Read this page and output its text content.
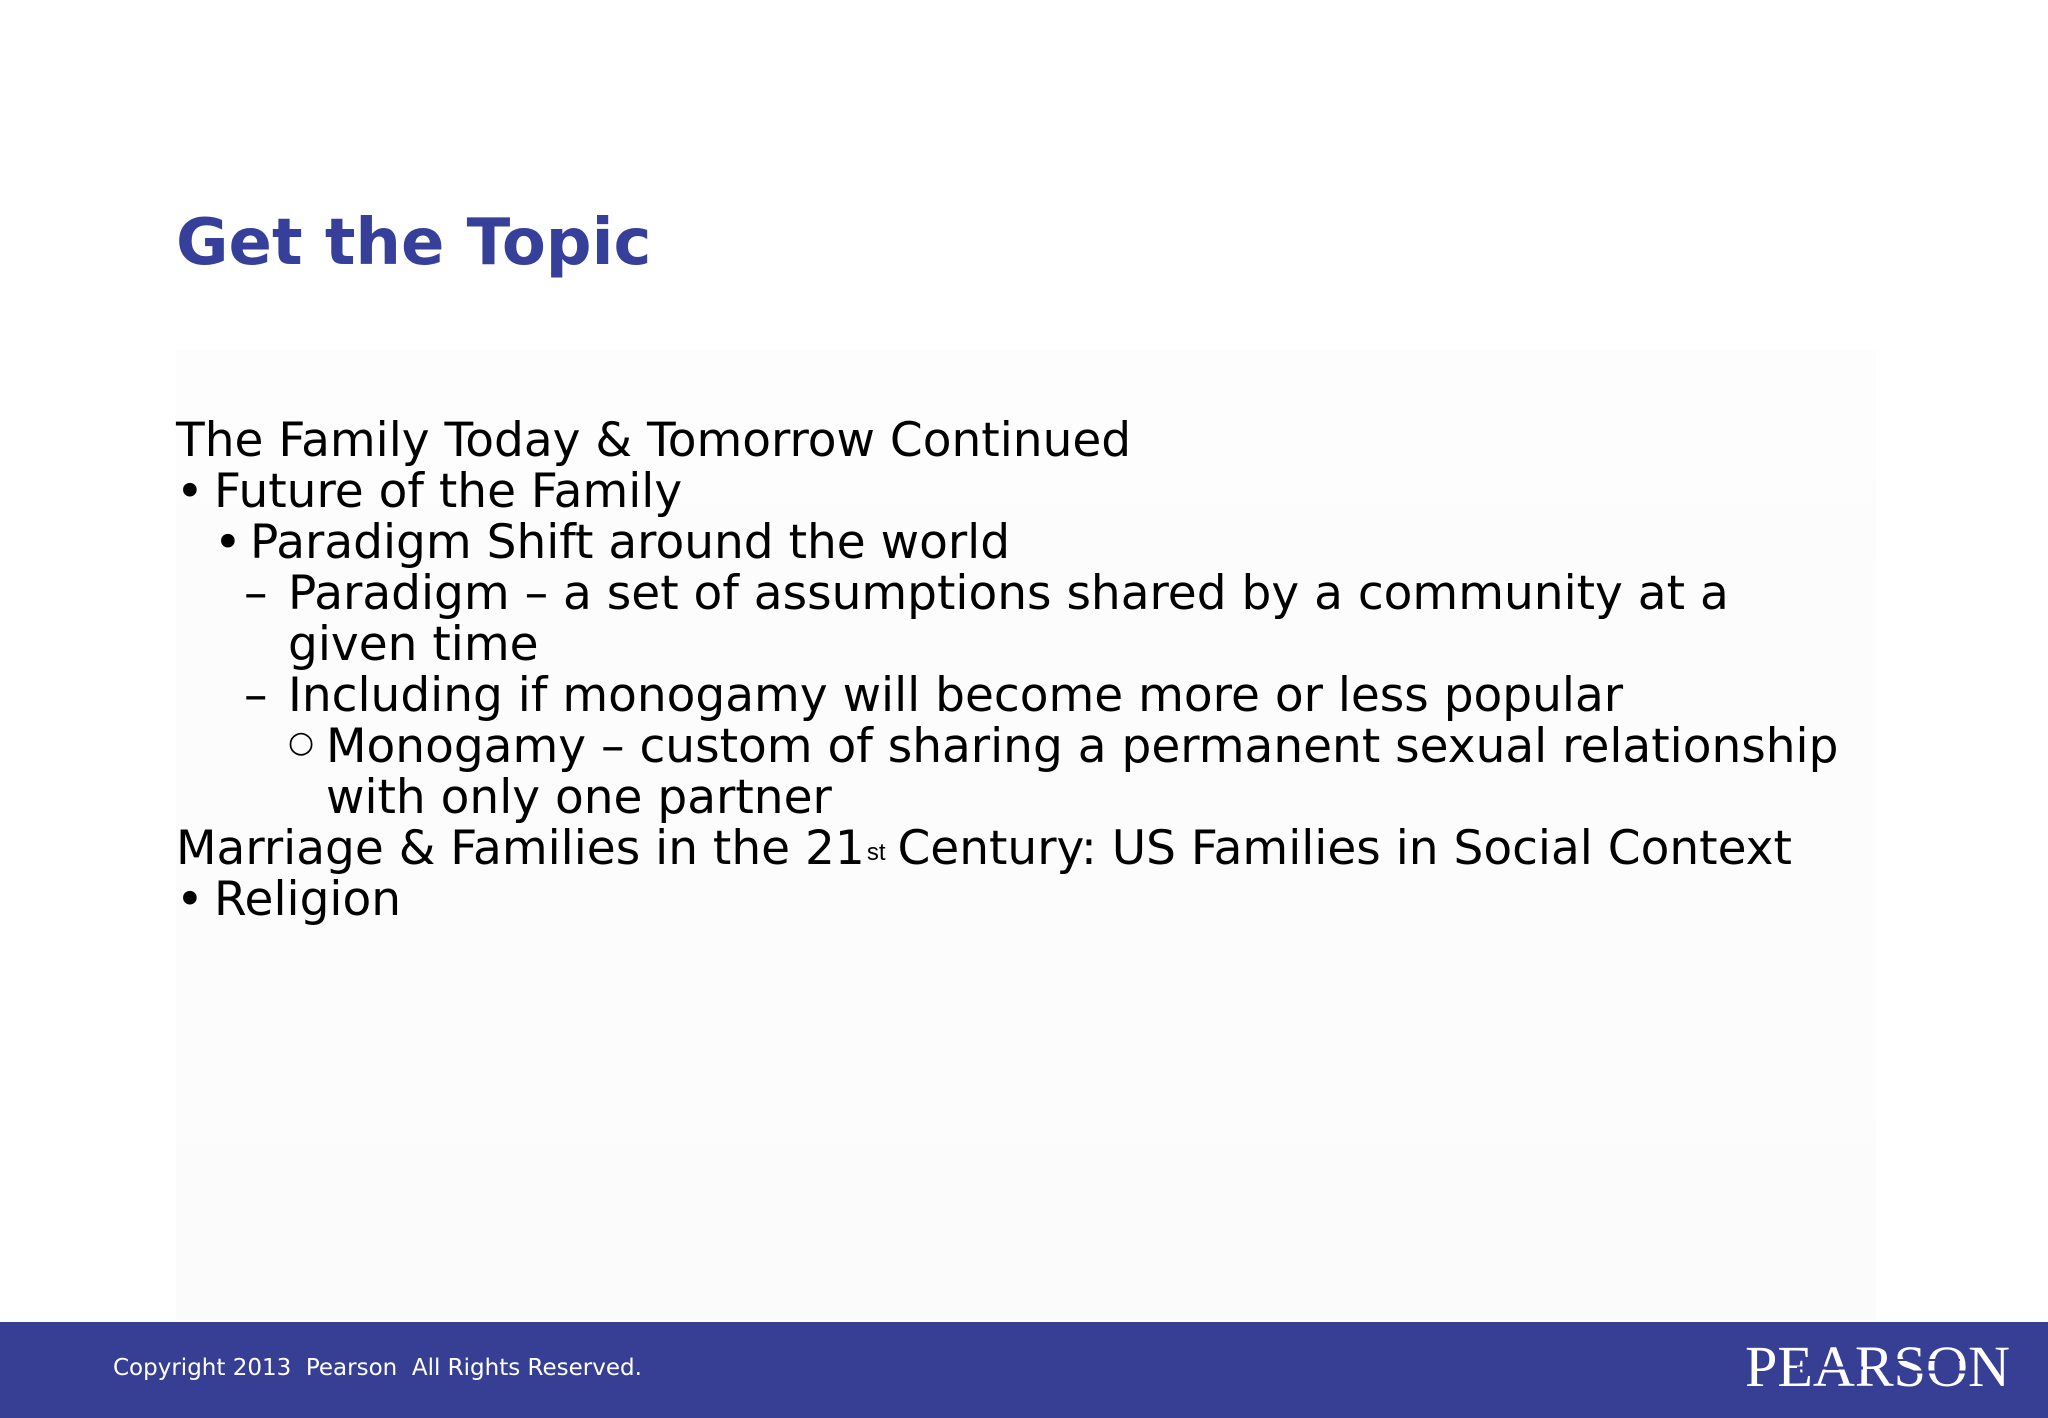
Get the Topic
The Family Today & Tomorrow Continued
• Future of the Family
• Paradigm Shift around the world
– Paradigm – a set of assumptions shared by a community at a
given time
– Including if monogamy will become more or less popular
○ Monogamy – custom of sharing a permanent sexual relationship
with only one partner
Marriage & Families in the 21st Century: US Families in Social Context
• Religion
Copyright 2013  Pearson  All Rights Reserved.	PEARSON
